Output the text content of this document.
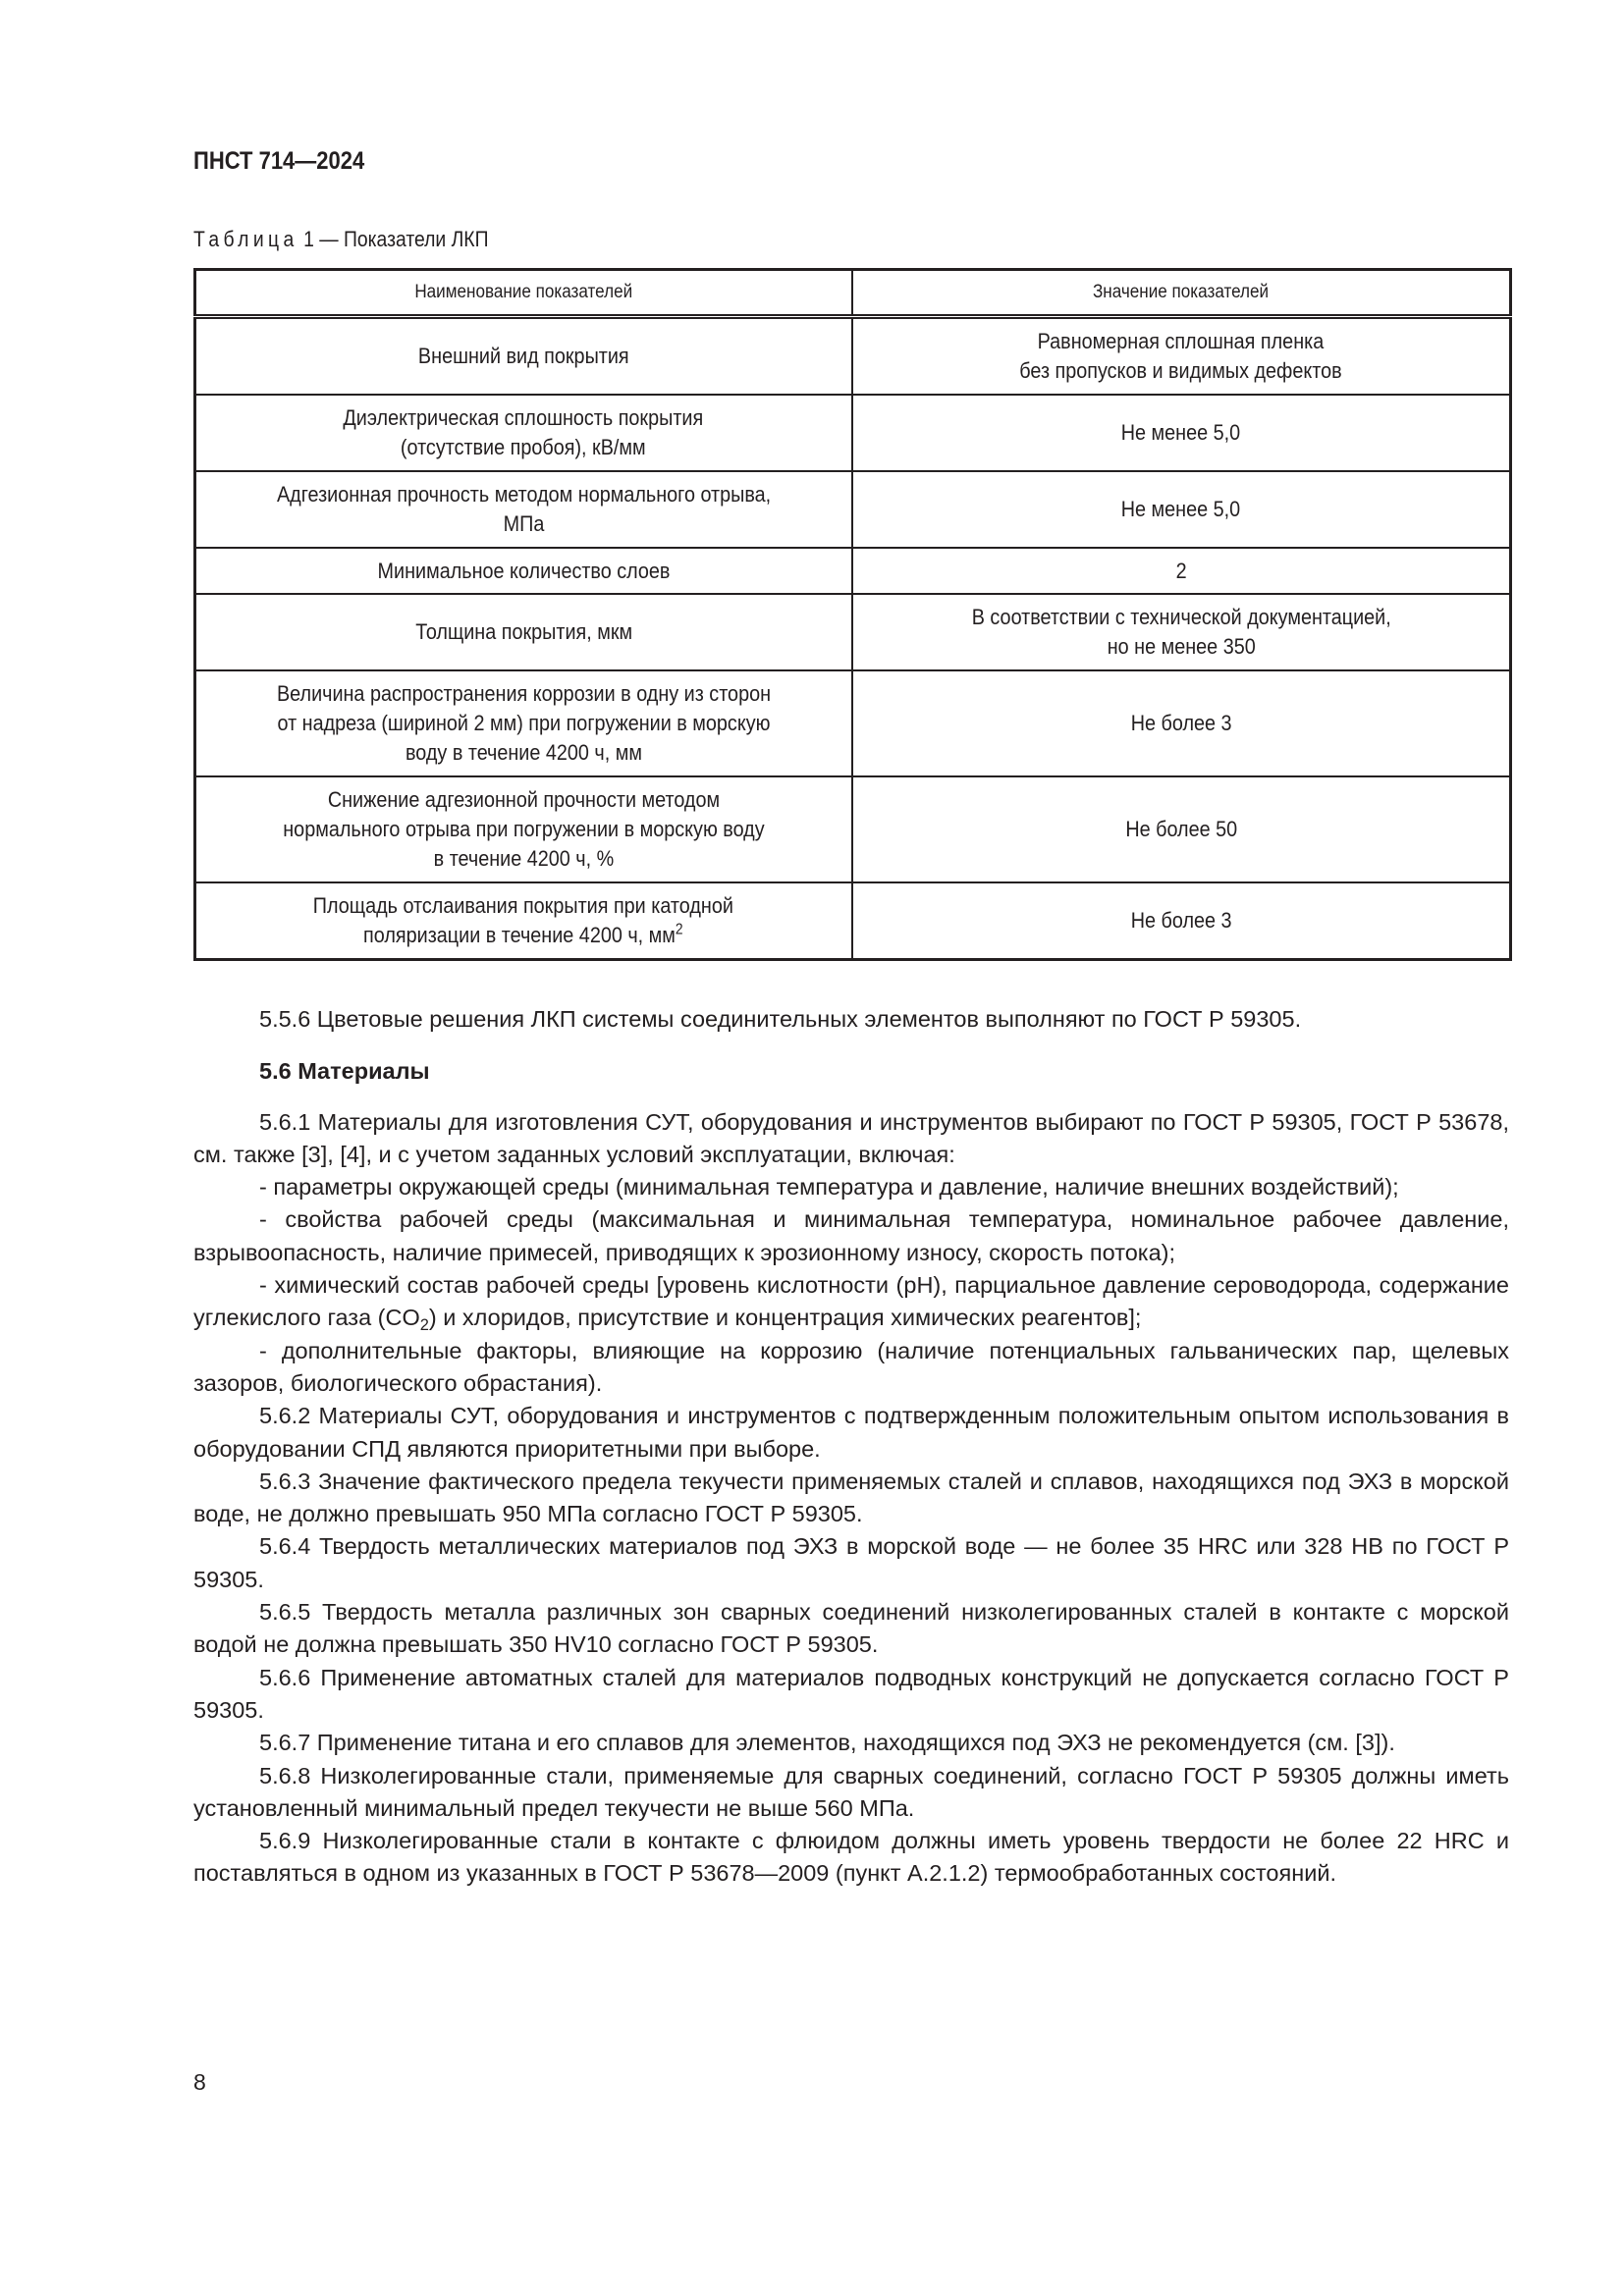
ПНСТ 714—2024
Таблица 1 — Показатели ЛКП
Наименование показателей	Значение показателей
Внешний вид покрытия	Равномерная сплошная пленка
без пропусков и видимых дефектов
Диэлектрическая сплошность покрытия
(отсутствие пробоя), кВ/мм	Не менее 5,0
Адгезионная прочность методом нормального отрыва,
МПа	Не менее 5,0
Минимальное количество слоев	2
Толщина покрытия, мкм	В соответствии с технической документацией,
но не менее 350
Величина распространения коррозии в одну из сторон
от надреза (шириной 2 мм) при погружении в морскую
воду в течение 4200 ч, мм	Не более 3
Снижение адгезионной прочности методом
нормального отрыва при погружении в морскую воду
в течение 4200 ч, %	Не более 50
Площадь отслаивания покрытия при катодной
поляризации в течение 4200 ч, $мм^2$	Не более 3

5.5.6 Цветовые решения ЛКП системы соединительных элементов выполняют по ГОСТ Р 59305.

5.6 Материалы

5.6.1 Материалы для изготовления СУТ, оборудования и инструментов выбирают по ГОСТ Р 59305, ГОСТ Р 53678, см. также [3], [4], и с учетом заданных условий эксплуатации, включая:

- параметры окружающей среды (минимальная температура и давление, наличие внешних воздействий);

- свойства рабочей среды (максимальная и минимальная температура, номинальное рабочее давление, взрывоопасность, наличие примесей, приводящих к эрозионному износу, скорость потока);

- химический состав рабочей среды [уровень кислотности (pH), парциальное давление сероводорода, содержание углекислого газа $(CO_2)$ и хлоридов, присутствие и концентрация химических реагентов];

- дополнительные факторы, влияющие на коррозию (наличие потенциальных гальванических пар, щелевых зазоров, биологического обрастания).

5.6.2 Материалы СУТ, оборудования и инструментов с подтвержденным положительным опытом использования в оборудовании СПД являются приоритетными при выборе.

5.6.3 Значение фактического предела текучести применяемых сталей и сплавов, находящихся под ЭХЗ в морской воде, не должно превышать 950 МПа согласно ГОСТ Р 59305.

5.6.4 Твердость металлических материалов под ЭХЗ в морской воде — не более 35 HRC или 328 НВ по ГОСТ Р 59305.

5.6.5 Твердость металла различных зон сварных соединений низколегированных сталей в контакте с морской водой не должна превышать 350 HV10 согласно ГОСТ Р 59305.

5.6.6 Применение автоматных сталей для материалов подводных конструкций не допускается согласно ГОСТ Р 59305.

5.6.7 Применение титана и его сплавов для элементов, находящихся под ЭХЗ не рекомендуется (см. [3]).

5.6.8 Низколегированные стали, применяемые для сварных соединений, согласно ГОСТ Р 59305 должны иметь установленный минимальный предел текучести не выше 560 МПа.

5.6.9 Низколегированные стали в контакте с флюидом должны иметь уровень твердости не более 22 HRC и поставляться в одном из указанных в ГОСТ Р 53678—2009 (пункт А.2.1.2) термообработанных состояний.

8
